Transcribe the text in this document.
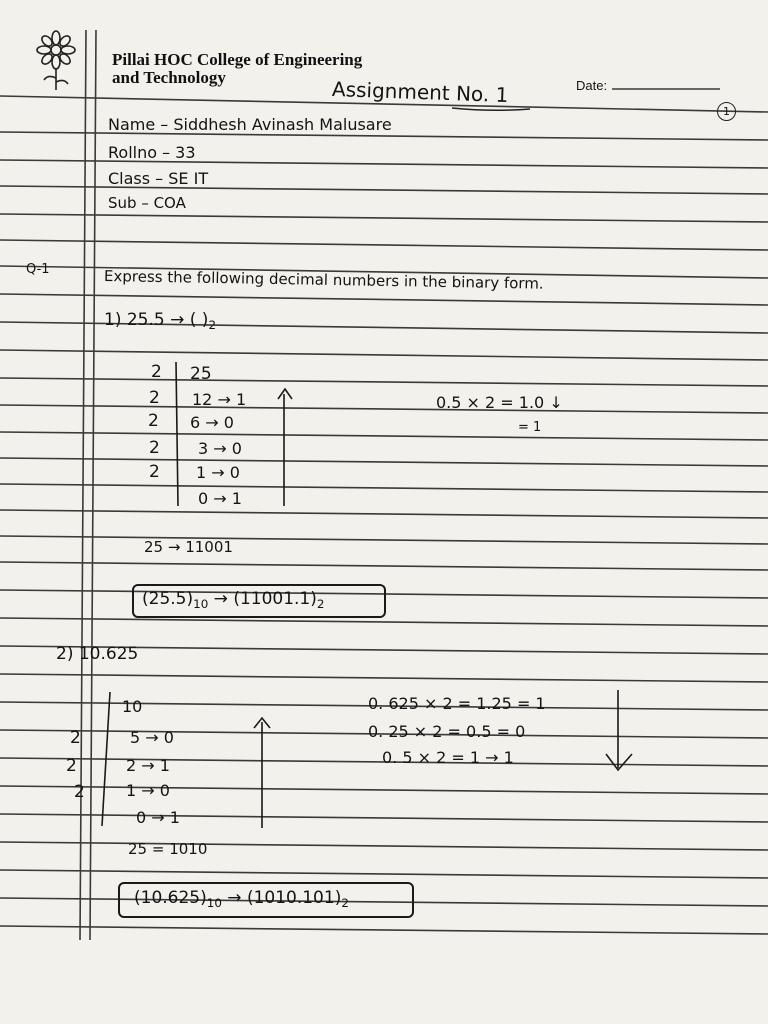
Pillai HOC College of Engineering
and Technology	Date:
Assignment No. 1
1
Name – Siddhesh Avinash Malusare
Rollno – 33
Class – SE IT
Sub – COA
Q-1	Express the following decimal numbers in the binary form.
1) 25.5 → ( )$_2$
2
2
2
2
2
25
12 → 1
6 → 0
3 → 0
1 → 0
0 → 1
0.5 × 2 = 1.0 ↓
= 1
25 → 11001
$(25.5)_{10} \to (11001.1)_2$
2) 10.625
10
2	5 → 0
2	2 → 1
2	1 → 0
0 → 1
0. 625 × 2 = 1.25 = 1
0. 25 × 2 = 0.5 = 0
0. 5 × 2 = 1 → 1
25 = 1010
$(10.625)_{10} \to (1010.101)_2$
